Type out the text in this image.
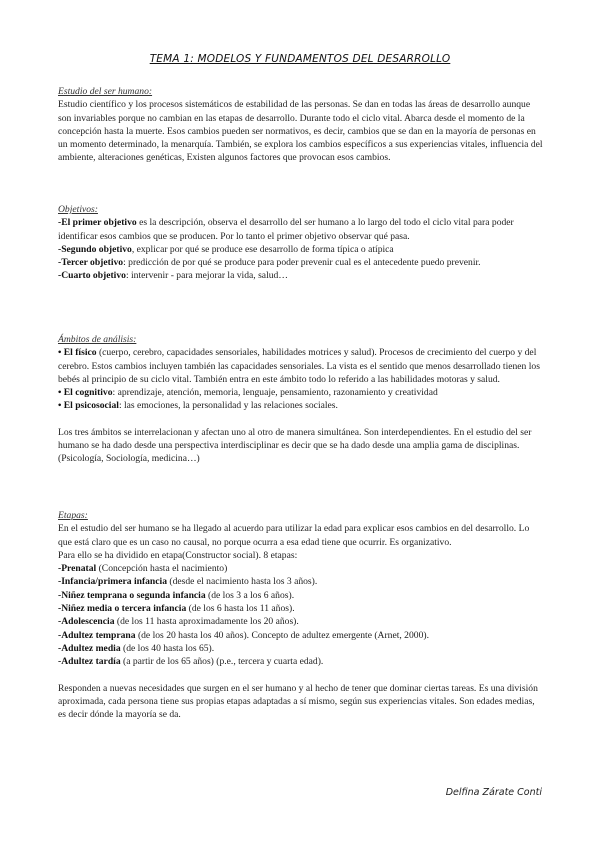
TEMA 1: MODELOS Y FUNDAMENTOS DEL DESARROLLO

Estudio del ser humano:

Estudio científico y los procesos sistemáticos de estabilidad de las personas. Se dan en todas las áreas de desarrollo aunque son invariables porque no cambian en las etapas de desarrollo. Durante todo el ciclo vital. Abarca desde el momento de la concepción hasta la muerte. Esos cambios pueden ser normativos, es decir, cambios que se dan en la mayoría de personas en un momento determinado, la menarquía. También, se explora los cambios específicos a sus experiencias vitales, influencia del ambiente, alteraciones genéticas, Existen algunos factores que provocan esos cambios.

Objetivos:

-El primer objetivo es la descripción, observa el desarrollo del ser humano a lo largo del todo el ciclo vital para poder identificar esos cambios que se producen. Por lo tanto el primer objetivo observar qué pasa.

-Segundo objetivo, explicar por qué se produce ese desarrollo de forma típica o atípica

-Tercer objetivo: predicción de por qué se produce para poder prevenir cual es el antecedente puedo prevenir.

-Cuarto objetivo: intervenir - para mejorar la vida, salud…

Ámbitos de análisis:

• El físico (cuerpo, cerebro, capacidades sensoriales, habilidades motrices y salud). Procesos de crecimiento del cuerpo y del cerebro. Estos cambios incluyen también las capacidades sensoriales. La vista es el sentido que menos desarrollado tienen los bebés al principio de su ciclo vital. También entra en este ámbito todo lo referido a las habilidades motoras y salud.

• El cognitivo: aprendizaje, atención, memoria, lenguaje, pensamiento, razonamiento y creatividad

• El psicosocial: las emociones, la personalidad y las relaciones sociales.

Los tres ámbitos se interrelacionan y afectan uno al otro de manera simultánea. Son interdependientes. En el estudio del ser humano se ha dado desde una perspectiva interdisciplinar es decir que se ha dado desde una amplia gama de disciplinas. (Psicología, Sociología, medicina…)

Etapas:

En el estudio del ser humano se ha llegado al acuerdo para utilizar la edad para explicar esos cambios en del desarrollo. Lo que está claro que es un caso no causal, no porque ocurra a esa edad tiene que ocurrir. Es organizativo.

Para ello se ha dividido en etapa(Constructor social). 8 etapas:

-Prenatal (Concepción hasta el nacimiento)

-Infancia/primera infancia (desde el nacimiento hasta los 3 años).

-Niñez temprana o segunda infancia (de los 3 a los 6 años).

-Niñez media o tercera infancia (de los 6 hasta los 11 años).

-Adolescencia (de los 11 hasta aproximadamente los 20 años).

-Adultez temprana (de los 20 hasta los 40 años). Concepto de adultez emergente (Arnet, 2000).

-Adultez media (de los 40 hasta los 65).

-Adultez tardía (a partir de los 65 años) (p.e., tercera y cuarta edad).

Responden a nuevas necesidades que surgen en el ser humano y al hecho de tener que dominar ciertas tareas. Es una división aproximada, cada persona tiene sus propias etapas adaptadas a sí mismo, según sus experiencias vitales. Son edades medias, es decir dónde la mayoría se da.

Delfina Zárate Conti
